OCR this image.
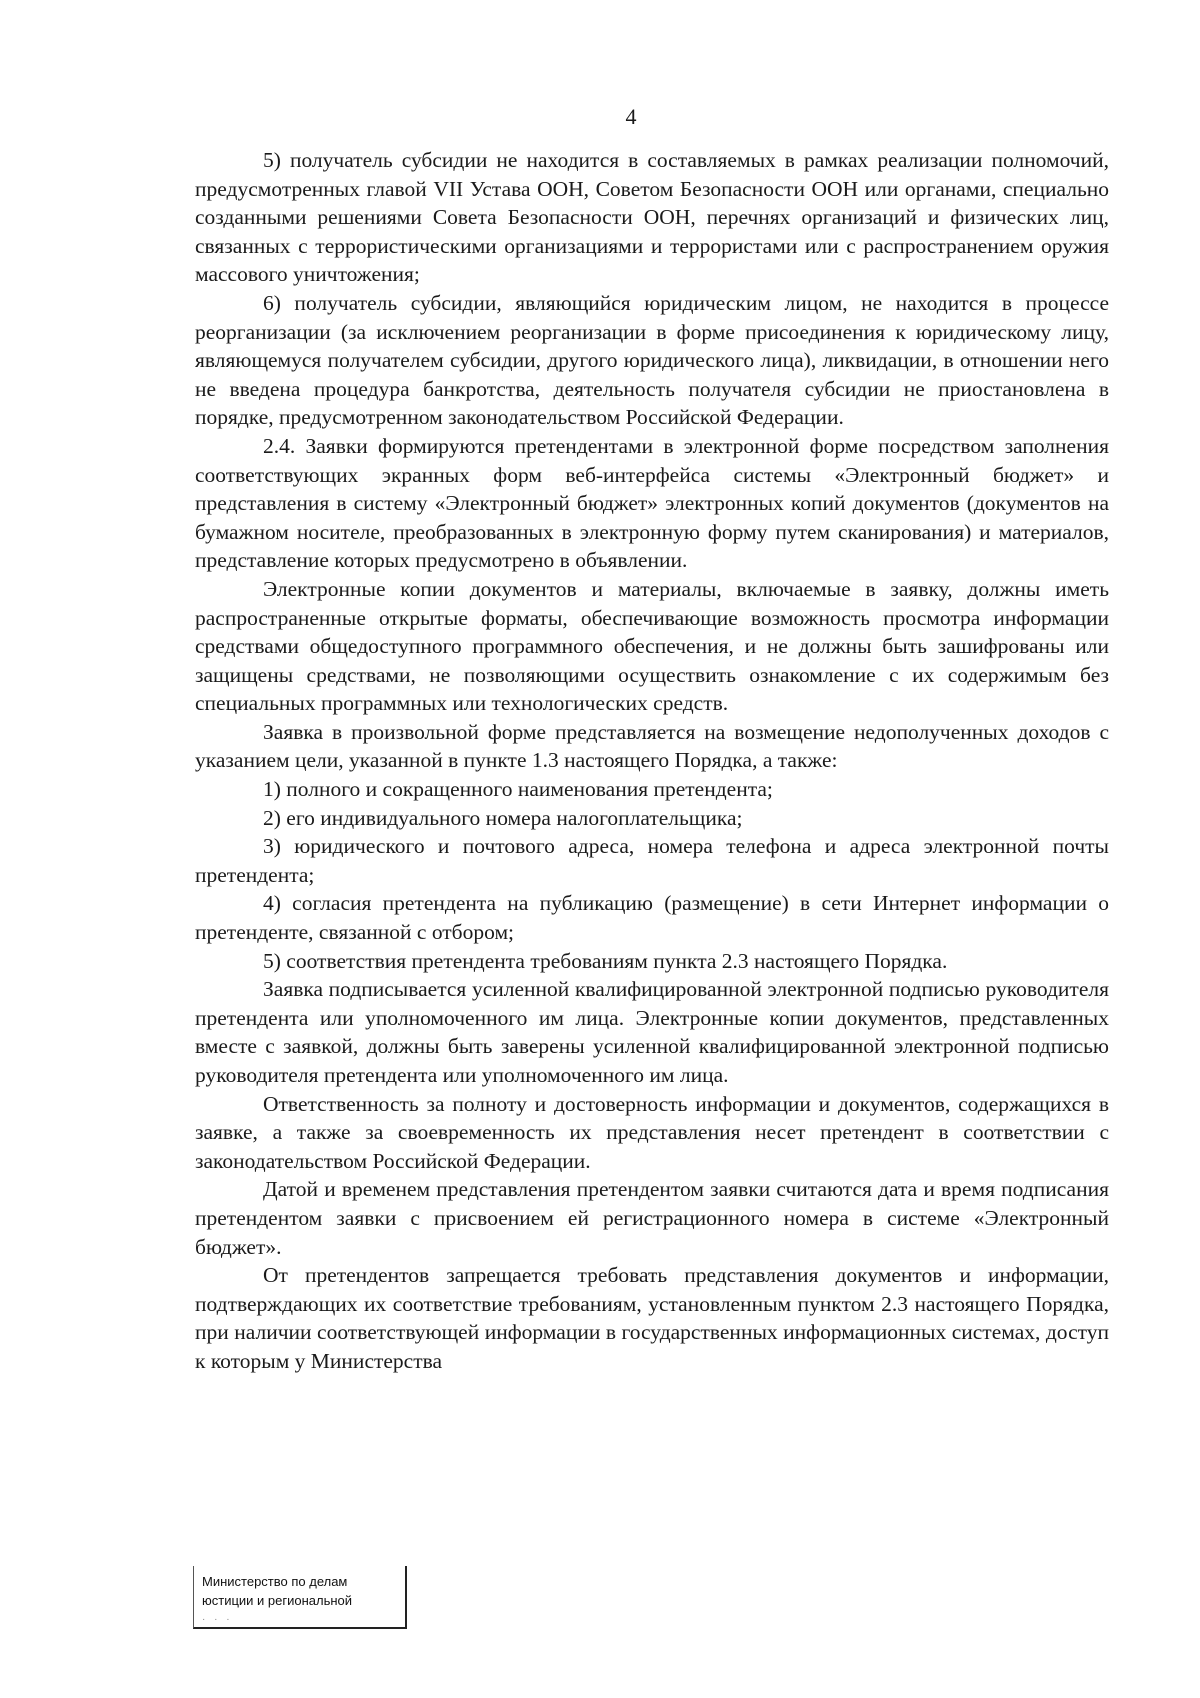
4

5) получатель субсидии не находится в составляемых в рамках реализации полномочий, предусмотренных главой VII Устава ООН, Советом Безопасности ООН или органами, специально созданными решениями Совета Безопасности ООН, перечнях организаций и физических лиц, связанных с террористическими организациями и террористами или с распространением оружия массового уничтожения;

6) получатель субсидии, являющийся юридическим лицом, не находится в процессе реорганизации (за исключением реорганизации в форме присоединения к юридическому лицу, являющемуся получателем субсидии, другого юридического лица), ликвидации, в отношении него не введена процедура банкротства, деятельность получателя субсидии не приостановлена в порядке, предусмотренном законодательством Российской Федерации.

2.4. Заявки формируются претендентами в электронной форме посредством заполнения соответствующих экранных форм веб-интерфейса системы «Электронный бюджет» и представления в систему «Электронный бюджет» электронных копий документов (документов на бумажном носителе, преобразованных в электронную форму путем сканирования) и материалов, представление которых предусмотрено в объявлении.

Электронные копии документов и материалы, включаемые в заявку, должны иметь распространенные открытые форматы, обеспечивающие возможность просмотра информации средствами общедоступного программного обеспечения, и не должны быть зашифрованы или защищены средствами, не позволяющими осуществить ознакомление с их содержимым без специальных программных или технологических средств.

Заявка в произвольной форме представляется на возмещение недополученных доходов с указанием цели, указанной в пункте 1.3 настоящего Порядка, а также:

1) полного и сокращенного наименования претендента;

2) его индивидуального номера налогоплательщика;

3) юридического и почтового адреса, номера телефона и адреса электронной почты претендента;

4) согласия претендента на публикацию (размещение) в сети Интернет информации о претенденте, связанной с отбором;

5) соответствия претендента требованиям пункта 2.3 настоящего Порядка.

Заявка подписывается усиленной квалифицированной электронной подписью руководителя претендента или уполномоченного им лица. Электронные копии документов, представленных вместе с заявкой, должны быть заверены усиленной квалифицированной электронной подписью руководителя претендента или уполномоченного им лица.

Ответственность за полноту и достоверность информации и документов, содержащихся в заявке, а также за своевременность их представления несет претендент в соответствии с законодательством Российской Федерации.

Датой и временем представления претендентом заявки считаются дата и время подписания претендентом заявки с присвоением ей регистрационного номера в системе «Электронный бюджет».

От претендентов запрещается требовать представления документов и информации, подтверждающих их соответствие требованиям, установленным пунктом 2.3 настоящего Порядка, при наличии соответствующей информации в государственных информационных системах, доступ к которым у Министерства

Министерство по делам
юстиции и региональной
· · ·
